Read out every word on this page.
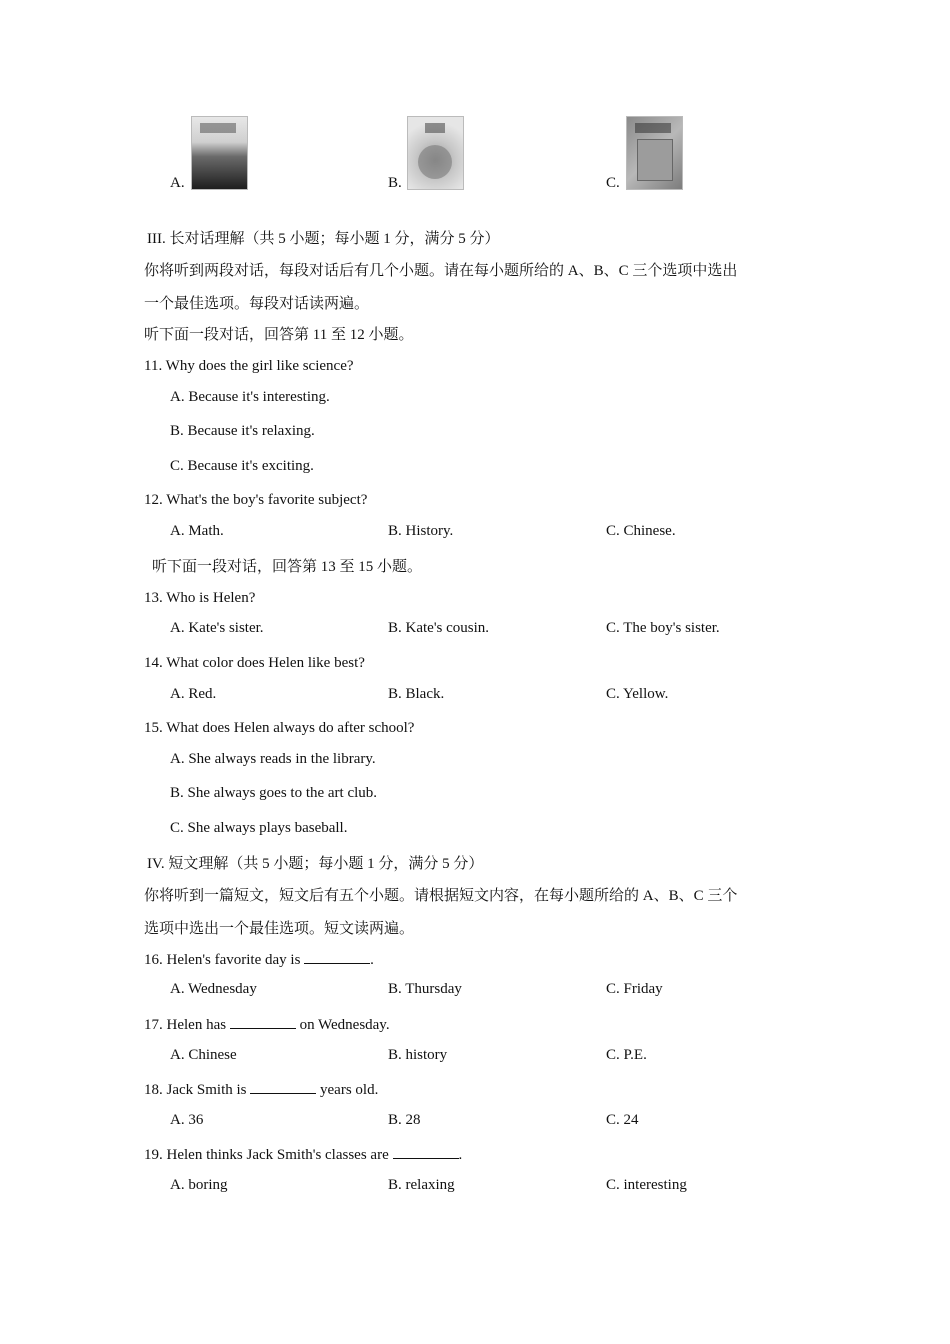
A.	B.	C.
III. 长对话理解（共 5 小题；每小题 1 分，满分 5 分）
你将听到两段对话，每段对话后有几个小题。请在每小题所给的 A、B、C 三个选项中选出
一个最佳选项。每段对话读两遍。
听下面一段对话，回答第 11 至 12 小题。
11. Why does the girl like science?
A. Because it's interesting.
B. Because it's relaxing.
C. Because it's exciting.
12. What's the boy's favorite subject?
A. Math.	B. History.	C. Chinese.
听下面一段对话，回答第 13 至 15 小题。
13. Who is Helen?
A. Kate's sister.	B. Kate's cousin.	C. The boy's sister.
14. What color does Helen like best?
A. Red.	B. Black.	C. Yellow.
15. What does Helen always do after school?
A. She always reads in the library.
B. She always goes to the art club.
C. She always plays baseball.
IV. 短文理解（共 5 小题；每小题 1 分，满分 5 分）
你将听到一篇短文，短文后有五个小题。请根据短文内容，在每小题所给的 A、B、C 三个
选项中选出一个最佳选项。短文读两遍。
16. Helen's favorite day is	.
A. Wednesday	B. Thursday	C. Friday
17. Helen has	on Wednesday.
A. Chinese	B. history	C. P.E.
18. Jack Smith is	years old.
A. 36	B. 28	C. 24
19. Helen thinks Jack Smith's classes are	.
A. boring	B. relaxing	C. interesting
